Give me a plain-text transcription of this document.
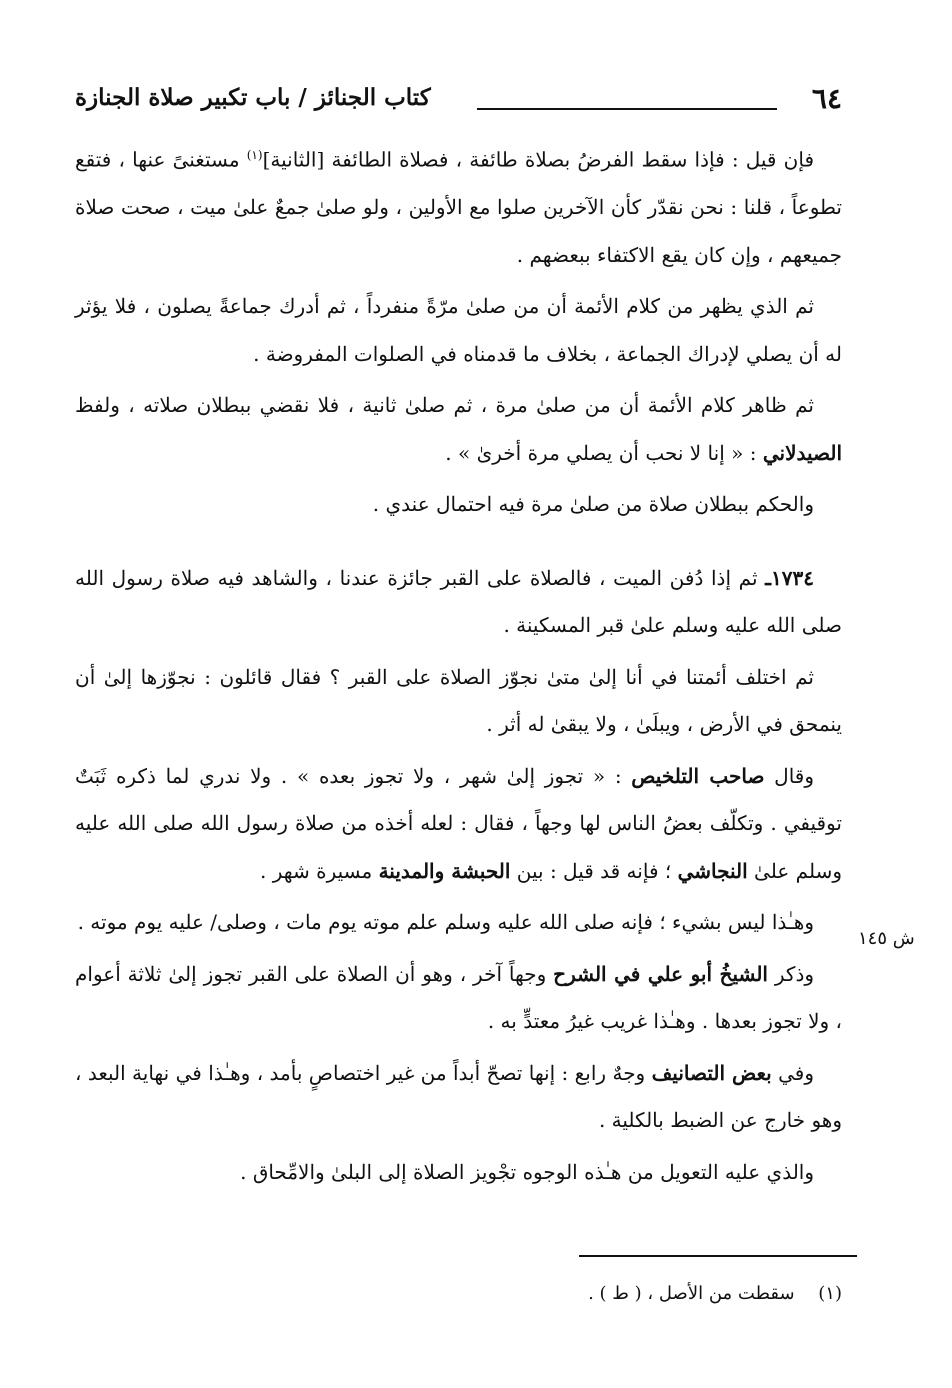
٦٤
كتاب الجنائز / باب تكبير صلاة الجنازة

فإن قيل : فإذا سقط الفرضُ بصلاة طائفة ، فصلاة الطائفة [الثانية]$^{(١)}$ مستغنىً عنها ، فتقع تطوعاً ، قلنا : نحن نقدّر كأن الآخرين صلوا مع الأولين ، ولو صلىٰ جمعٌ علىٰ ميت ، صحت صلاة جميعهم ، وإن كان يقع الاكتفاء ببعضهم .

ثم الذي يظهر من كلام الأئمة أن من صلىٰ مرّةً منفرداً ، ثم أدرك جماعةً يصلون ، فلا يؤثر له أن يصلي لإدراك الجماعة ، بخلاف ما قدمناه في الصلوات المفروضة .

ثم ظاهر كلام الأئمة أن من صلىٰ مرة ، ثم صلىٰ ثانية ، فلا نقضي ببطلان صلاته ، ولفظ الصيدلاني : « إنا لا نحب أن يصلي مرة أخرىٰ » .

والحكم ببطلان صلاة من صلىٰ مرة فيه احتمال عندي .

١٧٣٤ـ ثم إذا دُفن الميت ، فالصلاة على القبر جائزة عندنا ، والشاهد فيه صلاة رسول الله صلى الله عليه وسلم علىٰ قبر المسكينة .

ثم اختلف أئمتنا في أنا إلىٰ متىٰ نجوّز الصلاة على القبر ؟ فقال قائلون : نجوّزها إلىٰ أن ينمحق في الأرض ، ويبلَىٰ ، ولا يبقىٰ له أثر .

وقال صاحب التلخيص : « تجوز إلىٰ شهر ، ولا تجوز بعده » . ولا ندري لما ذكره ثَبَتٌ توقيفي . وتكلّف بعضُ الناس لها وجهاً ، فقال : لعله أخذه من صلاة رسول الله صلى الله عليه وسلم علىٰ النجاشي ؛ فإنه قد قيل : بين الحبشة والمدينة مسيرة شهر .

وهـٰذا ليس بشيء ؛ فإنه صلى الله عليه وسلم علم موته يوم مات ، وصلى/ عليه يوم موته .

وذكر الشيخُ أبو علي في الشرح وجهاً آخر ، وهو أن الصلاة على القبر تجوز إلىٰ ثلاثة أعوام ، ولا تجوز بعدها . وهـٰذا غريب غيرُ معتدٍّ به .

وفي بعض التصانيف وجهٌ رابع : إنها تصحّ أبداً من غير اختصاصٍ بأمد ، وهـٰذا في نهاية البعد ، وهو خارج عن الضبط بالكلية .

والذي عليه التعويل من هـٰذه الوجوه تجْويز الصلاة إلى البلىٰ والامِّحاق .

ش ١٤٥
(١) سقطت من الأصل ، ( ط ) .
